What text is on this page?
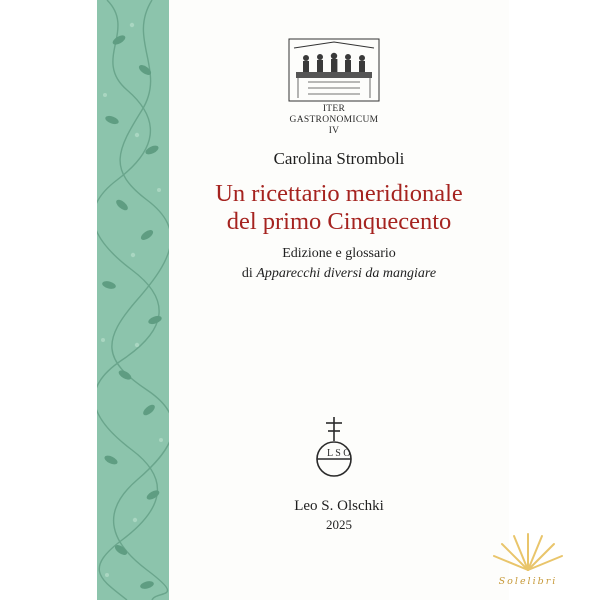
ITER
GASTRONOMICUM
IV
Carolina Stromboli
Un ricettario meridionale
del primo Cinquecento
Edizione e glossario
di Apparecchi diversi da mangiare
L S O
Leo S. Olschki
2025
Solelibri
